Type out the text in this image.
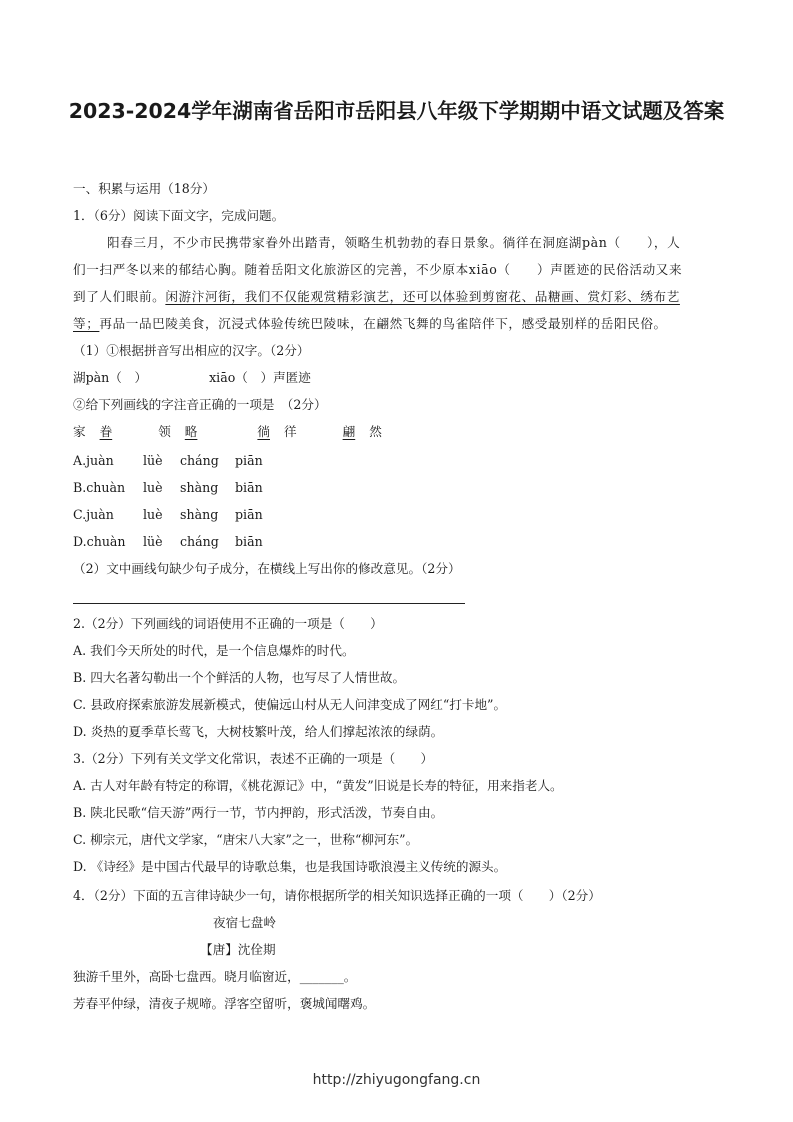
2023-2024学年湖南省岳阳市岳阳县八年级下学期期中语文试题及答案
一、积累与运用（18分）
1．（6分）阅读下面文字，完成问题。
阳春三月，不少市民携带家眷外出踏青，领略生机勃勃的春日景象。徜徉在洞庭湖pàn（　　），人
们一扫严冬以来的郁结心胸。随着岳阳文化旅游区的完善，不少原本xiāo（　　）声匿迹的民俗活动又来
到了人们眼前。闲游汴河街，我们不仅能观赏精彩演艺，还可以体验到剪窗花、品糖画、赏灯彩、绣布艺
等；再品一品巴陵美食，沉浸式体验传统巴陵味，在翩然飞舞的鸟雀陪伴下，感受最别样的岳阳民俗。
（1）①根据拼音写出相应的汉字。（2分）
湖pàn（　）	xiāo（　）声匿迹
②给下列画线的字注音正确的一项是　（2分）
家 眷	领 略	徜 徉	翩 然
A.juàn lüè cháng piān
B.chuàn luè shàng biān
C.juàn luè shàng piān
D.chuàn lüè cháng biān
（2）文中画线句缺少句子成分，在横线上写出你的修改意见。（2分）
2.（2分）下列画线的词语使用不正确的一项是（　　）
A. 我们今天所处的时代，是一个信息爆炸的时代。
B. 四大名著勾勒出一个个鲜活的人物，也写尽了人情世故。
C. 县政府探索旅游发展新模式，使偏远山村从无人问津变成了网红“打卡地”。
D. 炎热的夏季草长莺飞，大树枝繁叶茂，给人们撑起浓浓的绿荫。
3.（2分）下列有关文学文化常识，表述不正确的一项是（　　）
A. 古人对年龄有特定的称谓，《桃花源记》中，“黄发”旧说是长寿的特征，用来指老人。
B. 陕北民歌“信天游”两行一节，节内押韵，形式活泼，节奏自由。
C. 柳宗元，唐代文学家，“唐宋八大家”之一，世称“柳河东”。
D. 《诗经》是中国古代最早的诗歌总集，也是我国诗歌浪漫主义传统的源头。
4．（2分）下面的五言律诗缺少一句，请你根据所学的相关知识选择正确的一项（　　）（2分）
夜宿七盘岭
【唐】沈佺期
独游千里外，高卧七盘西。晓月临窗近，_______。
芳春平仲绿，清夜子规啼。浮客空留听，褒城闻曙鸡。
http://zhiyugongfang.cn
